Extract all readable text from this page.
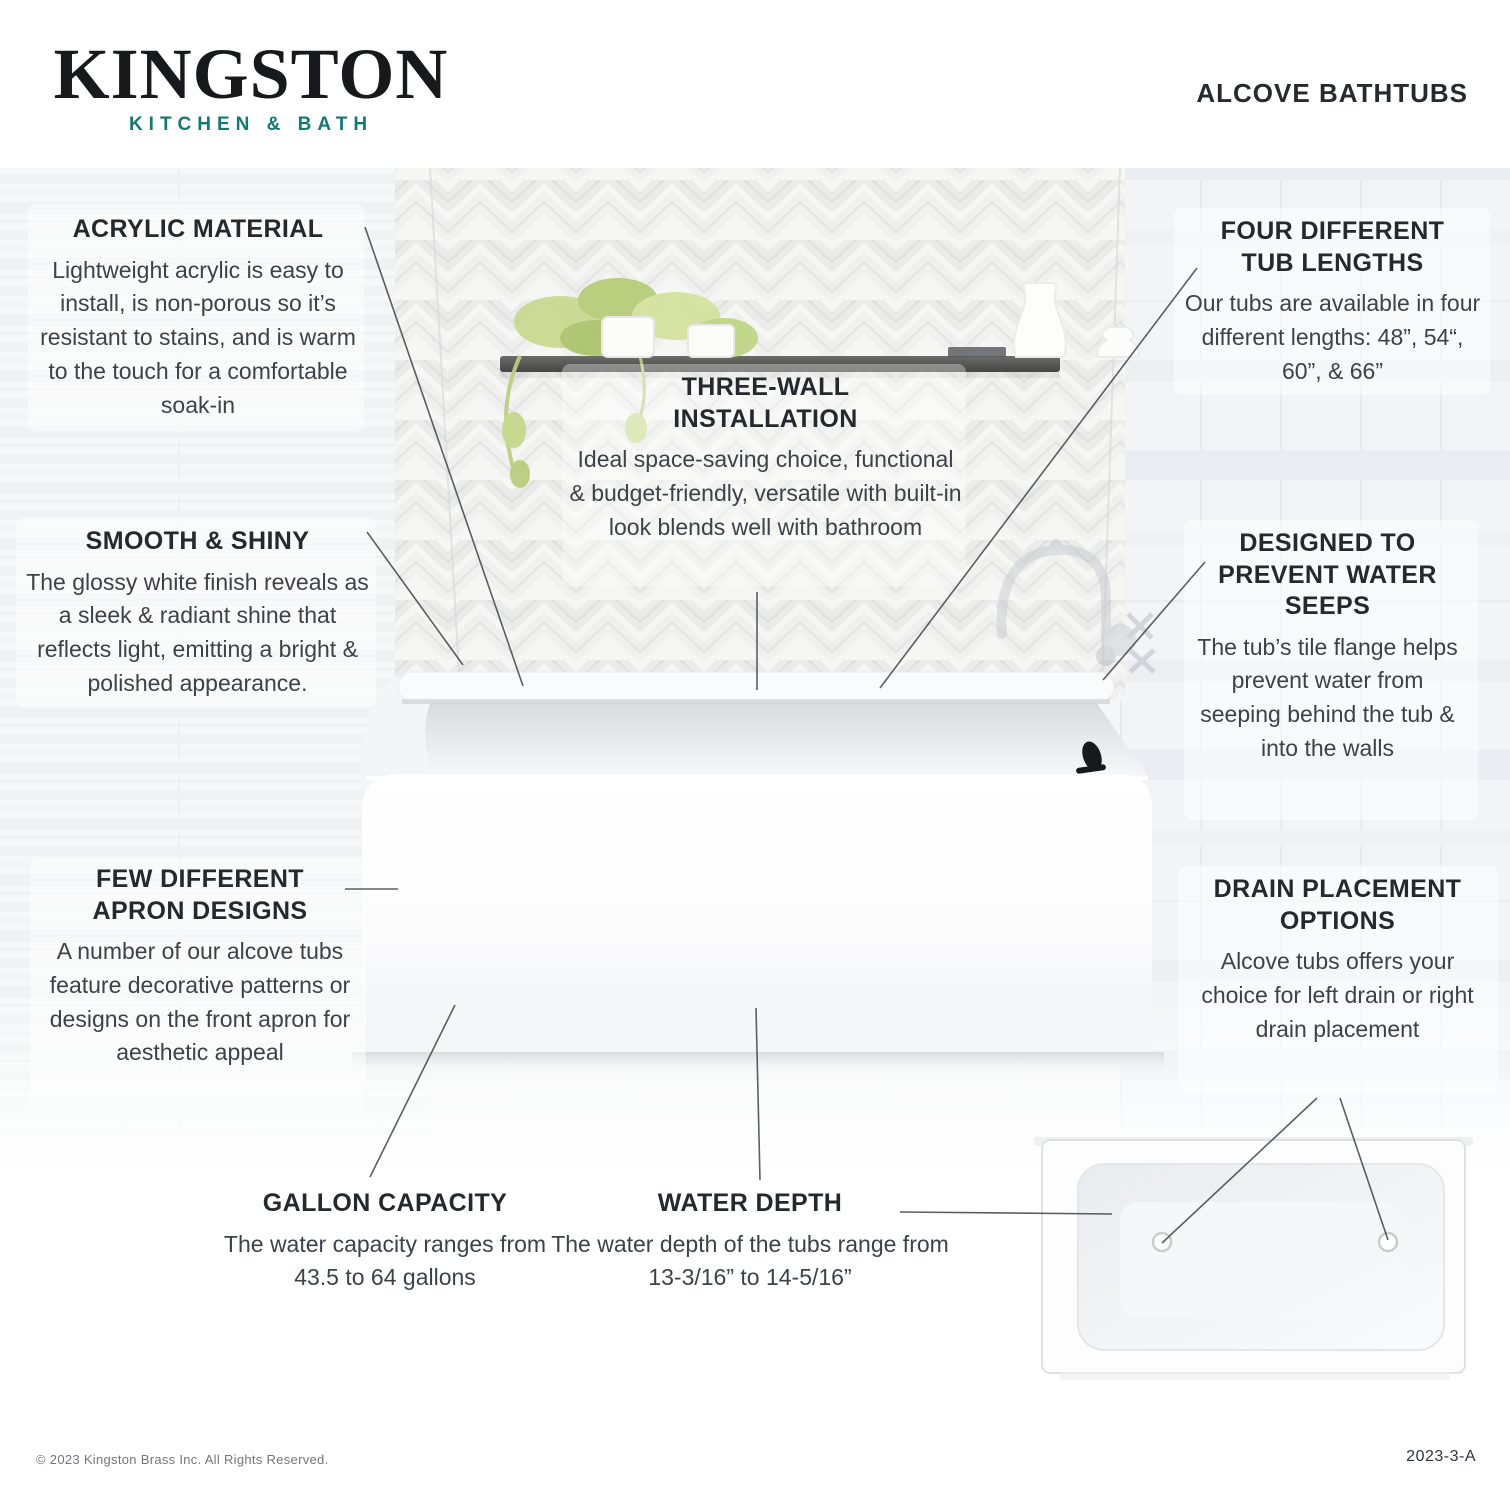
KINGSTON
KITCHEN & BATH
ALCOVE BATHTUBS
ACRYLIC MATERIAL

Lightweight acrylic is easy to install, is non-porous so it’s resistant to stains, and is warm to the touch for a comfortable soak-in

SMOOTH & SHINY

The glossy white finish reveals as a sleek & radiant shine that reflects light, emitting a bright & polished appearance.

FEW DIFFERENT APRON DESIGNS

A number of our alcove tubs feature decorative patterns or designs on the front apron for aesthetic appeal

THREE-WALL INSTALLATION

Ideal space-saving choice, functional & budget-friendly, versatile with built-in look blends well with bathroom

FOUR DIFFERENT TUB LENGTHS

Our tubs are available in four different lengths: 48”, 54“, 60”, & 66”

DESIGNED TO PREVENT WATER SEEPS

The tub’s tile flange helps prevent water from seeping behind the tub & into the walls

DRAIN PLACEMENT OPTIONS

Alcove tubs offers your choice for left drain or right drain placement

GALLON CAPACITY

The water capacity ranges from 43.5 to 64 gallons

WATER DEPTH

The water depth of the tubs range from 13-3/16” to 14-5/16”

© 2023 Kingston Brass Inc. All Rights Reserved.	2023-3-A
